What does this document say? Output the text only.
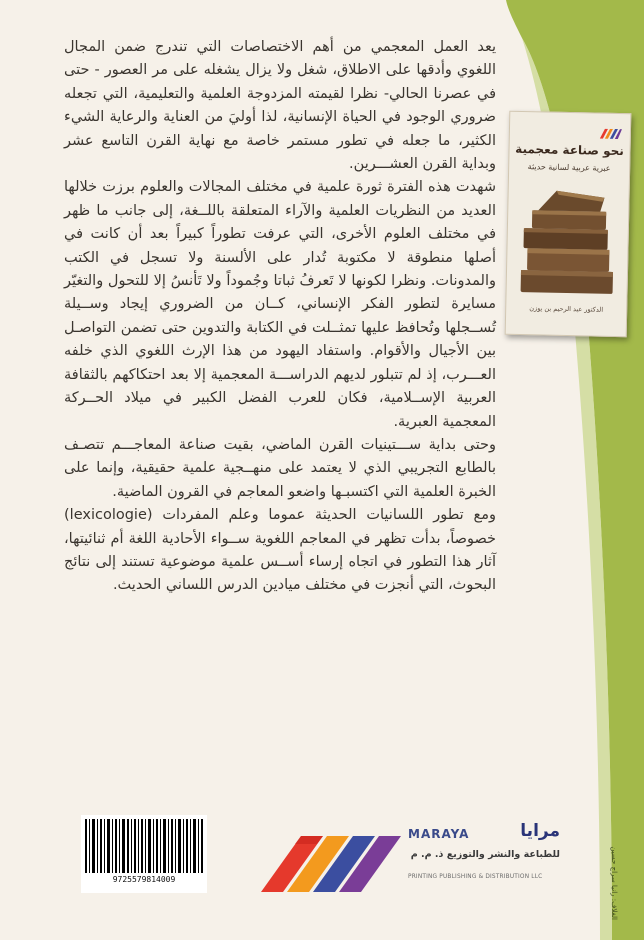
يعد العمل المعجمي من أهم الاختصاصات التي تندرج ضمن المجال اللغوي وأدقها على الاطلاق، شغل ولا يزال يشغله على مر العصور - حتى في عصرنا الحالي- نظرا لقيمته المزدوجة العلمية والتعليمية، التي تجعله ضروري الوجود في الحياة الإنسانية، لذا أوليَ من العناية والرعاية الشيء الكثير، ما جعله في تطور مستمر خاصة مع نهاية القرن التاسع عشر وبداية القرن العشـــرين.

شهدت هذه الفترة ثورة علمية في مختلف المجالات والعلوم برزت خلالها العديد من النظريات العلمية والآراء المتعلقة باللــغة، إلى جانب ما ظهر في مختلف العلوم الأخرى، التي عرفت تطوراً كبيراً بعد أن كانت في أصلها منطوقة لا مكتوبة تُدار على الألسنة ولا تسجل في الكتب والمدونات. ونظرا لكونها لا تَعرفُ ثباتا وجُموداً ولا تَأنسُ إلا للتحول والتغيّر مسايرة لتطور الفكر الإنساني، كــان من الضروري إيجاد وســيلة تُســجلها وتُحافظ عليها تمثــلت في الكتابة والتدوين حتى تضمن التواصـل بين الأجيال والأقوام. واستفاد اليهود من هذا الإرث اللغوي الذي خلفه العـــرب، إذ لم تتبلور لديهم الدراســـة المعجمية إلا بعد احتكاكهم بالثقافة العربية الإســلامية، فكان للعرب الفضل الكبير في ميلاد الحــركة المعجمية العبرية.

وحتى بداية ســـتينيات القرن الماضي، بقيت صناعة المعاجـــم تتصـف بالطابع التجريبي الذي لا يعتمد على منهــجية علمية حقيقية، وإنما على الخبرة العلمية التي اكتسبـها واضعو المعاجم في القرون الماضية.

ومع تطور اللسانيات الحديثة عموما وعلم المفردات (lexicologie) خصوصاً، بدأت تظهر في المعاجم اللغوية ســواء الأحادية اللغة أم ثنائيتها، آثار هذا التطور في اتجاه إرساء أســس علمية موضوعية تستند إلى نتائج البحوث، التي أنجزت في مختلف ميادين الدرس اللساني الحديث.

نحو صناعة معجمية
عبرية عربية لسانية حديثة
الدكتور عبد الرحيم بن يوزن
9725579814009
MARAYA	مرايا
للطباعة والنشر والتوزيع ذ. م. م
PRINTING PUBLISHING & DISTRIBUTION LLC	الغلاف: رانيا سراج حسين
